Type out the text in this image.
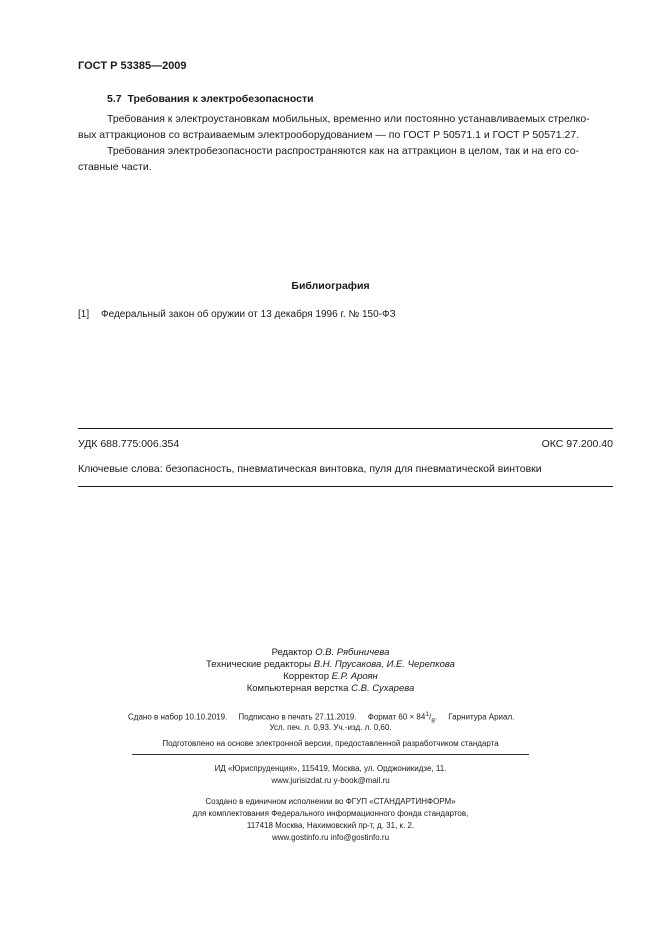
ГОСТ Р 53385—2009
5.7 Требования к электробезопасности
Требования к электроустановкам мобильных, временно или постоянно устанавливаемых стрелко-
вых аттракционов со встраиваемым электрооборудованием — по ГОСТ Р 50571.1 и ГОСТ Р 50571.27.
Требования электробезопасности распространяются как на аттракцион в целом, так и на его со-
ставные части.
Библиография
[1] Федеральный закон об оружии от 13 декабря 1996 г. № 150-ФЗ
УДК 688.775:006.354	ОКС 97.200.40
Ключевые слова: безопасность, пневматическая винтовка, пуля для пневматической винтовки
Редактор О.В. Рябиничева
Технические редакторы В.Н. Прусакова, И.Е. Черепкова
Корректор Е.Р. Ароян
Компьютерная верстка С.В. Сухарева
Сдано в набор 10.10.2019. Подписано в печать 27.11.2019. Формат $60 \times 84^1/_8$.     Гарнитура Ариал.
Усл. печ. л. 0,93. Уч.-изд. л. 0,60.
Подготовлено на основе электронной версии, предоставленной разработчиком стандарта
ИД «Юриспруденция», 115419, Москва, ул. Орджоникидзе, 11.
www.jurisizdat.ru y-book@mail.ru
Создано в единичном исполнении во ФГУП «СТАНДАРТИНФОРМ»
для комплектования Федерального информационного фонда стандартов,
117418 Москва, Нахимовский пр-т, д. 31, к. 2.
www.gostinfo.ru info@gostinfo.ru
